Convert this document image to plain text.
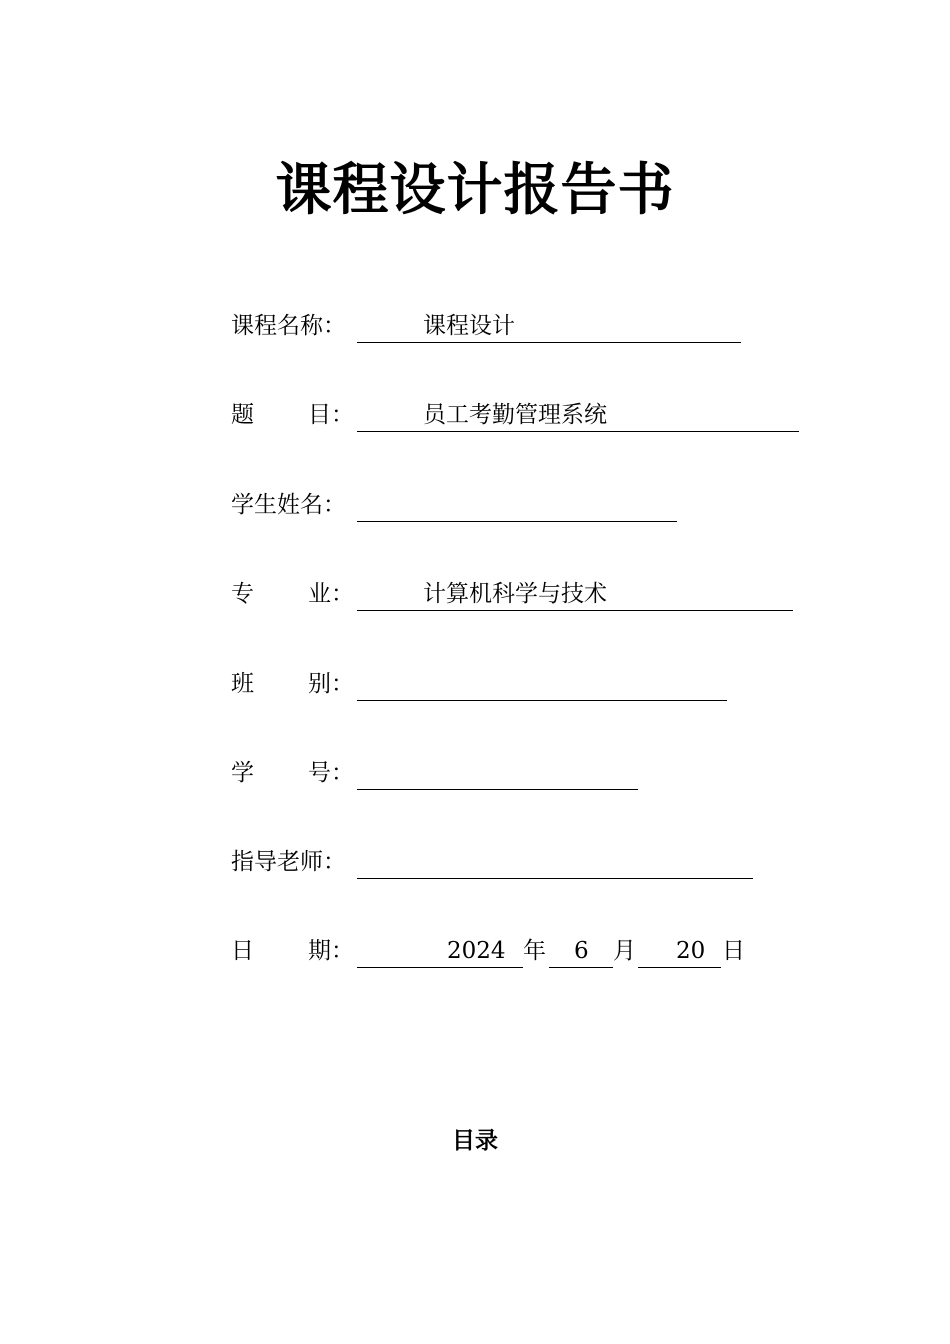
课程设计报告书
课程名称：	课程设计
题 目：	员工考勤管理系统
学生姓名：
专 业：	计算机科学与技术
班 别：
学 号：
指导老师：
日 期：	2024 年 6 月 20 日
目录
